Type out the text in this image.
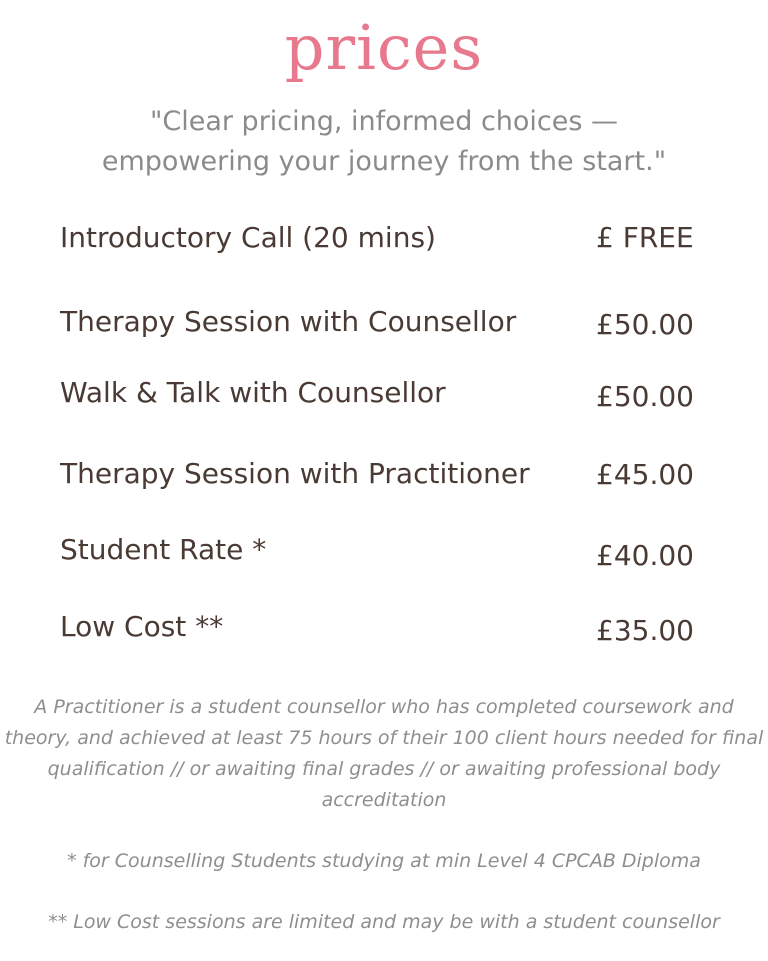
prices
"Clear pricing, informed choices —
empowering your journey from the start."
Introductory Call (20 mins)	£ FREE
Therapy Session with Counsellor	£50.00
Walk & Talk with Counsellor	£50.00
Therapy Session with Practitioner £45.00
Student Rate *	£40.00
Low Cost **	£35.00

A Practitioner is a student counsellor who has completed coursework and

theory, and achieved at least 75 hours of their 100 client hours needed for final

qualification // or awaiting final grades // or awaiting professional body

accreditation

* for Counselling Students studying at min Level 4 CPCAB Diploma

** Low Cost sessions are limited and may be with a student counsellor
